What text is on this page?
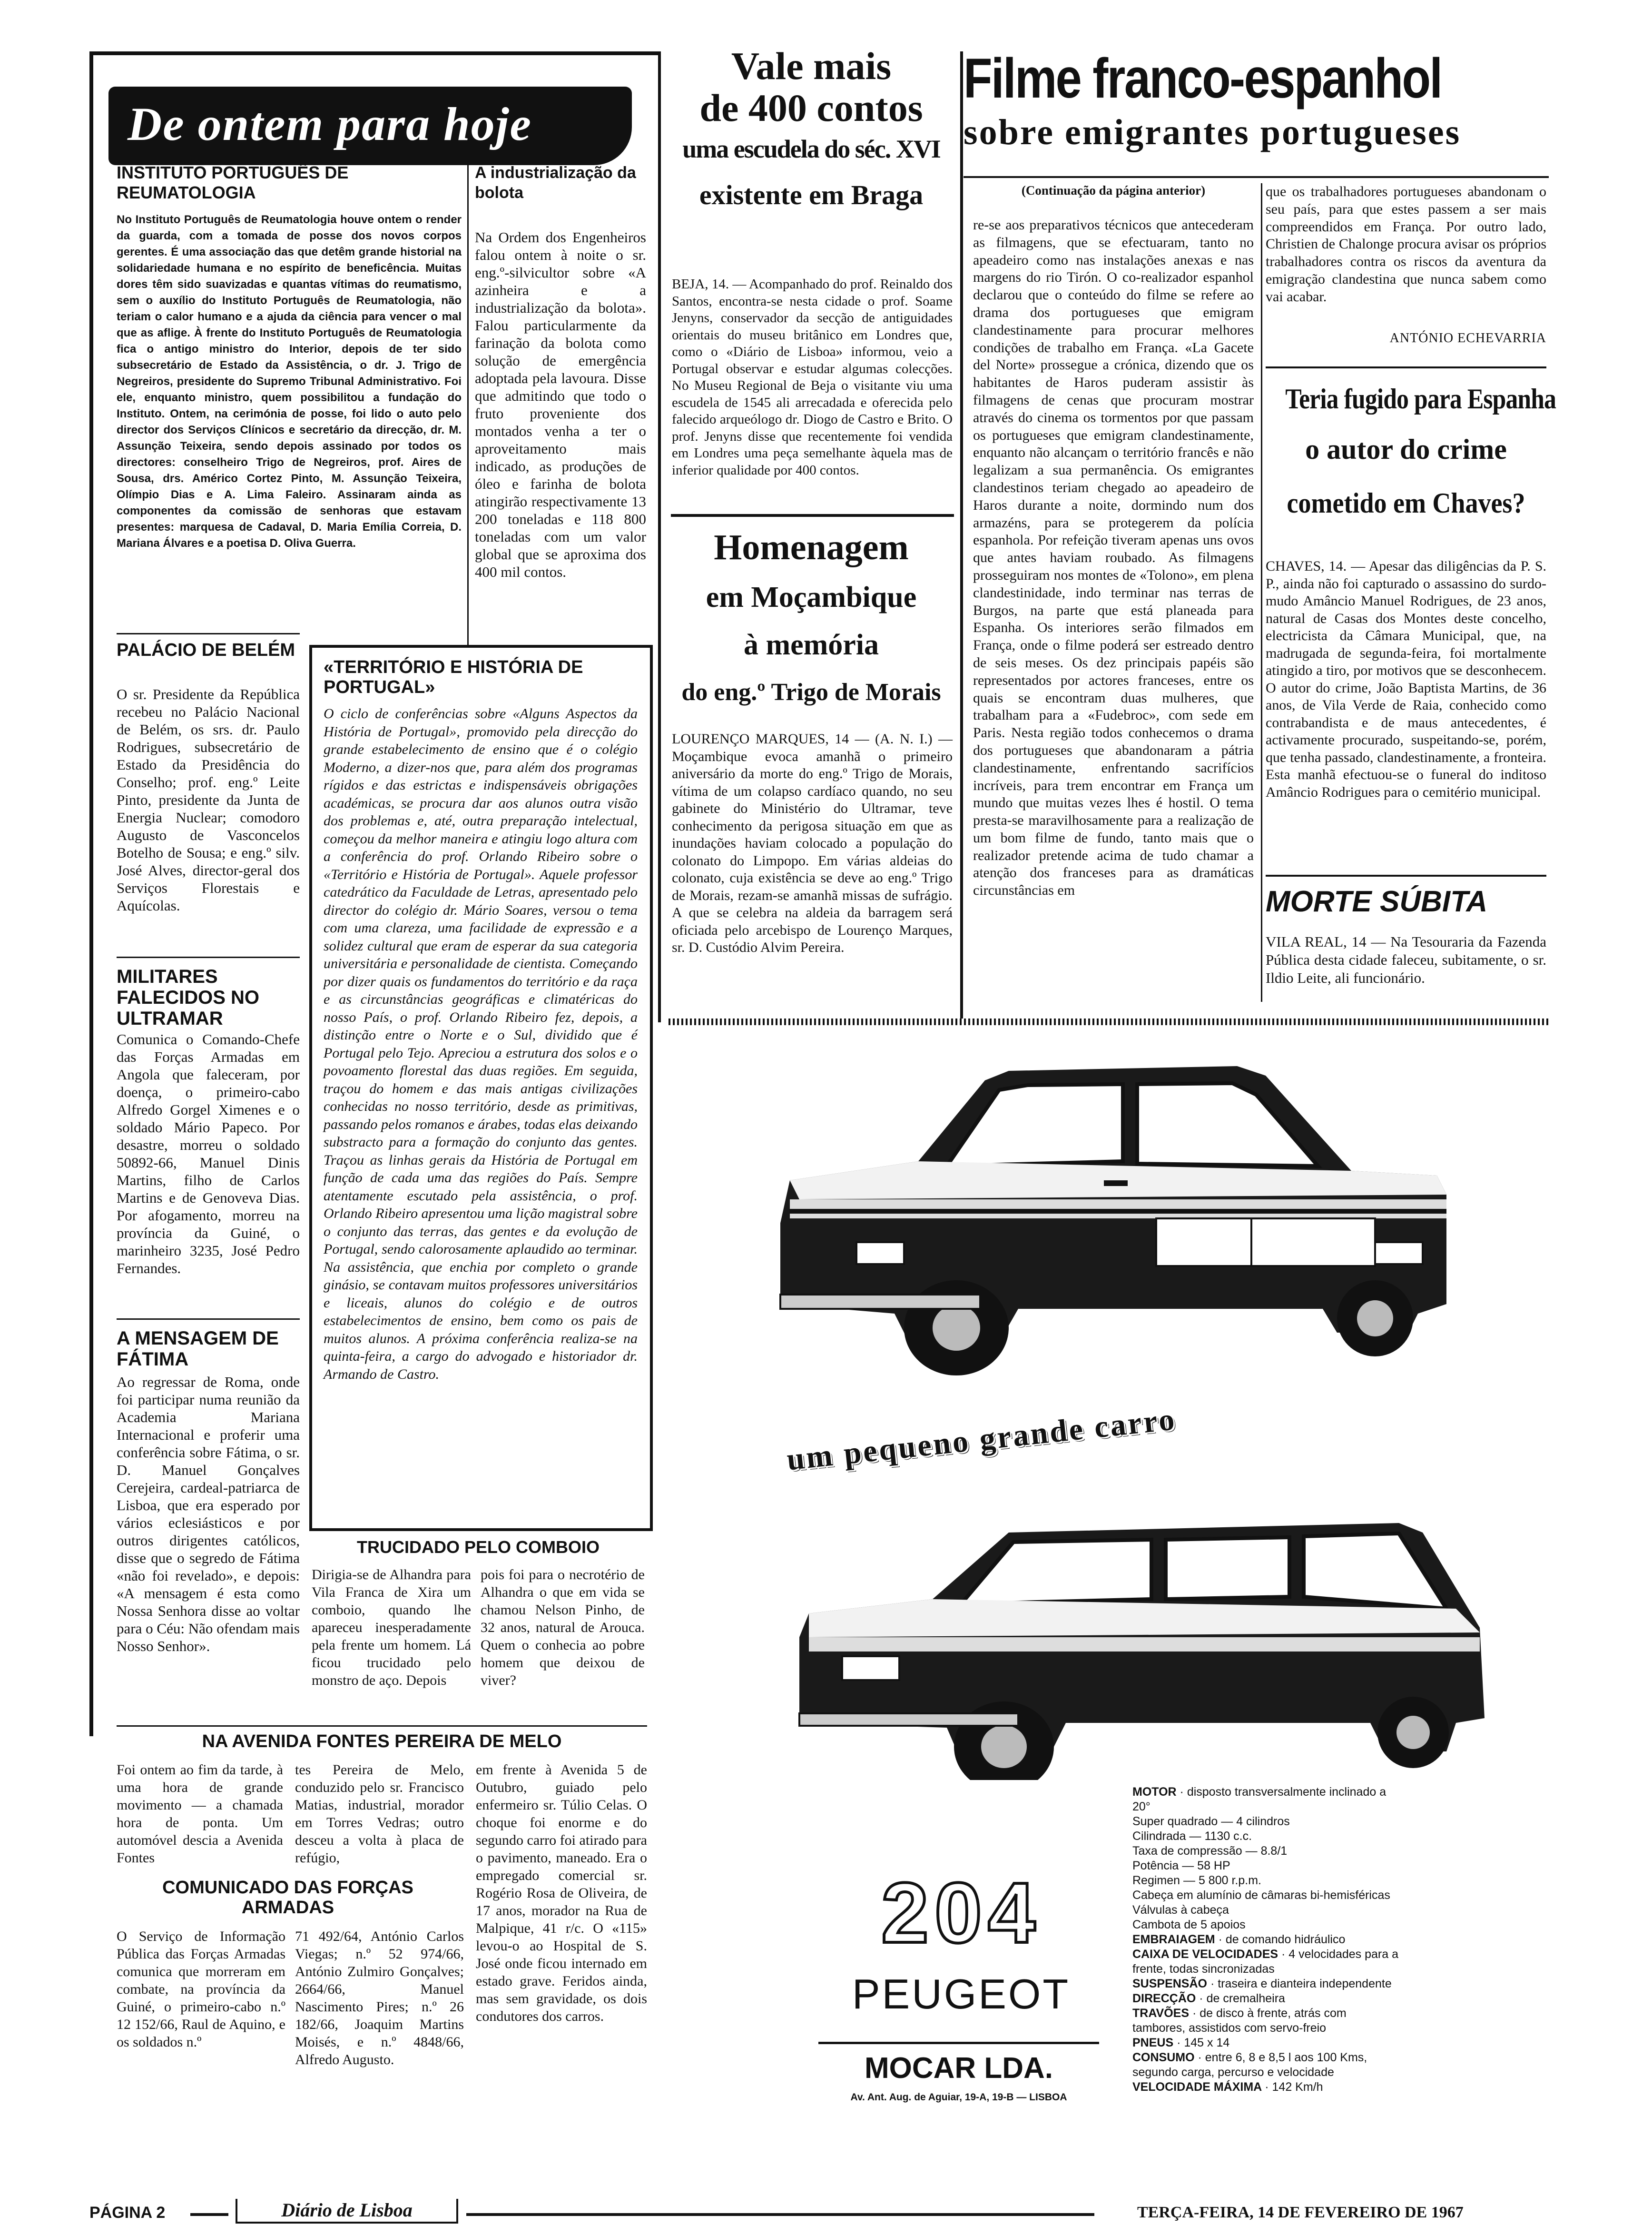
De ontem para hoje
INSTITUTO PORTUGUÊS DE REUMATOLOGIA
No Instituto Português de Reumatologia houve ontem o render da guarda, com a tomada de posse dos novos corpos gerentes. É uma associação das que detêm grande historial na solidariedade humana e no espírito de beneficência. Muitas dores têm sido suavizadas e quantas vítimas do reumatismo, sem o auxílio do Instituto Português de Reumatologia, não teriam o calor humano e a ajuda da ciência para vencer o mal que as aflige. À frente do Instituto Português de Reumatologia fica o antigo ministro do Interior, depois de ter sido subsecretário de Estado da Assistência, o dr. J. Trigo de Negreiros, presidente do Supremo Tribunal Administrativo. Foi ele, enquanto ministro, quem possibilitou a fundação do Instituto. Ontem, na cerimónia de posse, foi lido o auto pelo director dos Serviços Clínicos e secretário da direcção, dr. M. Assunção Teixeira, sendo depois assinado por todos os directores: conselheiro Trigo de Negreiros, prof. Aires de Sousa, drs. Américo Cortez Pinto, M. Assunção Teixeira, Olímpio Dias e A. Lima Faleiro. Assinaram ainda as componentes da comissão de senhoras que estavam presentes: marquesa de Cadaval, D. Maria Emília Correia, D. Mariana Álvares e a poetisa D. Oliva Guerra.
A industrialização da bolota
Na Ordem dos Engenheiros falou ontem à noite o sr. eng.º-silvicultor sobre «A azinheira e a industrialização da bolota». Falou particularmente da farinação da bolota como solução de emergência adoptada pela lavoura. Disse que admitindo que todo o fruto proveniente dos montados venha a ter o aproveitamento mais indicado, as produções de óleo e farinha de bolota atingirão respectivamente 13 200 toneladas e 118 800 toneladas com um valor global que se aproxima dos 400 mil contos.
PALÁCIO DE BELÉM
O sr. Presidente da República recebeu no Palácio Nacional de Belém, os srs. dr. Paulo Rodrigues, subsecretário de Estado da Presidência do Conselho; prof. eng.º Leite Pinto, presidente da Junta de Energia Nuclear; comodoro Augusto de Vasconcelos Botelho de Sousa; e eng.º silv. José Alves, director-geral dos Serviços Florestais e Aquícolas.
MILITARES FALECIDOS NO ULTRAMAR
Comunica o Comando-Chefe das Forças Armadas em Angola que faleceram, por doença, o primeiro-cabo Alfredo Gorgel Ximenes e o soldado Mário Papeco. Por desastre, morreu o soldado 50892-66, Manuel Dinis Martins, filho de Carlos Martins e de Genoveva Dias. Por afogamento, morreu na província da Guiné, o marinheiro 3235, José Pedro Fernandes.
A MENSAGEM DE FÁTIMA
Ao regressar de Roma, onde foi participar numa reunião da Academia Mariana Internacional e proferir uma conferência sobre Fátima, o sr. D. Manuel Gonçalves Cerejeira, cardeal-patriarca de Lisboa, que era esperado por vários eclesiásticos e por outros dirigentes católicos, disse que o segredo de Fátima «não foi revelado», e depois: «A mensagem é esta como Nossa Senhora disse ao voltar para o Céu: Não ofendam mais Nosso Senhor».
«TERRITÓRIO E HISTÓRIA DE PORTUGAL»
O ciclo de conferências sobre «Alguns Aspectos da História de Portugal», promovido pela direcção do grande estabelecimento de ensino que é o colégio Moderno, a dizer-nos que, para além dos programas rígidos e das estrictas e indispensáveis obrigações académicas, se procura dar aos alunos outra visão dos problemas e, até, outra preparação intelectual, começou da melhor maneira e atingiu logo altura com a conferência do prof. Orlando Ribeiro sobre o «Território e História de Portugal». Aquele professor catedrático da Faculdade de Letras, apresentado pelo director do colégio dr. Mário Soares, versou o tema com uma clareza, uma facilidade de expressão e a solidez cultural que eram de esperar da sua categoria universitária e personalidade de cientista. Começando por dizer quais os fundamentos do território e da raça e as circunstâncias geográficas e climatéricas do nosso País, o prof. Orlando Ribeiro fez, depois, a distinção entre o Norte e o Sul, dividido que é Portugal pelo Tejo. Apreciou a estrutura dos solos e o povoamento florestal das duas regiões. Em seguida, traçou do homem e das mais antigas civilizações conhecidas no nosso território, desde as primitivas, passando pelos romanos e árabes, todas elas deixando substracto para a formação do conjunto das gentes. Traçou as linhas gerais da História de Portugal em função de cada uma das regiões do País. Sempre atentamente escutado pela assistência, o prof. Orlando Ribeiro apresentou uma lição magistral sobre o conjunto das terras, das gentes e da evolução de Portugal, sendo calorosamente aplaudido ao terminar. Na assistência, que enchia por completo o grande ginásio, se contavam muitos professores universitários e liceais, alunos do colégio e de outros estabelecimentos de ensino, bem como os pais de muitos alunos. A próxima conferência realiza-se na quinta-feira, a cargo do advogado e historiador dr. Armando de Castro.
TRUCIDADO PELO COMBOIO
Dirigia-se de Alhandra para Vila Franca de Xira um comboio, quando lhe apareceu inesperadamente pela frente um homem. Lá ficou trucidado pelo monstro de aço. Depois
pois foi para o necrotério de Alhandra o que em vida se chamou Nelson Pinho, de 32 anos, natural de Arouca. Quem o conhecia ao pobre homem que deixou de viver?
NA AVENIDA FONTES PEREIRA DE MELO
Foi ontem ao fim da tarde, à uma hora de grande movimento — a chamada hora de ponta. Um automóvel descia a Avenida Fontes
tes Pereira de Melo, conduzido pelo sr. Francisco Matias, industrial, morador em Torres Vedras; outro desceu a volta à placa de refúgio,
em frente à Avenida 5 de Outubro, guiado pelo enfermeiro sr. Túlio Celas. O choque foi enorme e do segundo carro foi atirado para o pavimento, maneado. Era o empregado comercial sr. Rogério Rosa de Oliveira, de 17 anos, morador na Rua de Malpique, 41 r/c. O «115» levou-o ao Hospital de S. José onde ficou internado em estado grave. Feridos ainda, mas sem gravidade, os dois condutores dos carros.
COMUNICADO DAS FORÇAS ARMADAS
O Serviço de Informação Pública das Forças Armadas comunica que morreram em combate, na província da Guiné, o primeiro-cabo n.º 12 152/66, Raul de Aquino, e os soldados n.º
71 492/64, António Carlos Viegas; n.º 52 974/66, António Zulmiro Gonçalves; 2664/66, Manuel Nascimento Pires; n.º 26 182/66, Joaquim Martins Moisés, e n.º 4848/66, Alfredo Augusto.
Vale mais
de 400 contos
uma escudela do séc. XVI
existente em Braga
BEJA, 14. — Acompanhado do prof. Reinaldo dos Santos, encontra-se nesta cidade o prof. Soame Jenyns, conservador da secção de antiguidades orientais do museu britânico em Londres que, como o «Diário de Lisboa» informou, veio a Portugal observar e estudar algumas colecções. No Museu Regional de Beja o visitante viu uma escudela de 1545 ali arrecadada e oferecida pelo falecido arqueólogo dr. Diogo de Castro e Brito. O prof. Jenyns disse que recentemente foi vendida em Londres uma peça semelhante àquela mas de inferior qualidade por 400 contos.
Homenagem
em Moçambique
à memória
do eng.º Trigo de Morais
LOURENÇO MARQUES, 14 — (A. N. I.) — Moçambique evoca amanhã o primeiro aniversário da morte do eng.º Trigo de Morais, vítima de um colapso cardíaco quando, no seu gabinete do Ministério do Ultramar, teve conhecimento da perigosa situação em que as inundações haviam colocado a população do colonato do Limpopo. Em várias aldeias do colonato, cuja existência se deve ao eng.º Trigo de Morais, rezam-se amanhã missas de sufrágio. A que se celebra na aldeia da barragem será oficiada pelo arcebispo de Lourenço Marques, sr. D. Custódio Alvim Pereira.
Filme franco-espanhol
sobre emigrantes portugueses
(Continuação da página anterior)
re-se aos preparativos técnicos que antecederam as filmagens, que se efectuaram, tanto no apeadeiro como nas instalações anexas e nas margens do rio Tirón. O co-realizador espanhol declarou que o conteúdo do filme se refere ao drama dos portugueses que emigram clandestinamente para procurar melhores condições de trabalho em França. «La Gacete del Norte» prossegue a crónica, dizendo que os habitantes de Haros puderam assistir às filmagens de cenas que procuram mostrar através do cinema os tormentos por que passam os portugueses que emigram clandestinamente, enquanto não alcançam o território francês e não legalizam a sua permanência. Os emigrantes clandestinos teriam chegado ao apeadeiro de Haros durante a noite, dormindo num dos armazéns, para se protegerem da polícia espanhola. Por refeição tiveram apenas uns ovos que antes haviam roubado. As filmagens prosseguiram nos montes de «Tolono», em plena clandestinidade, indo terminar nas terras de Burgos, na parte que está planeada para Espanha. Os interiores serão filmados em França, onde o filme poderá ser estreado dentro de seis meses. Os dez principais papéis são representados por actores franceses, entre os quais se encontram duas mulheres, que trabalham para a «Fudebroc», com sede em Paris. Nesta região todos conhecemos o drama dos portugueses que abandonaram a pátria clandestinamente, enfrentando sacrifícios incríveis, para trem encontrar em França um mundo que muitas vezes lhes é hostil. O tema presta-se maravilhosamente para a realização de um bom filme de fundo, tanto mais que o realizador pretende acima de tudo chamar a atenção dos franceses para as dramáticas circunstâncias em
que os trabalhadores portugueses abandonam o seu país, para que estes passem a ser mais compreendidos em França. Por outro lado, Christien de Chalonge procura avisar os próprios trabalhadores contra os riscos da aventura da emigração clandestina que nunca sabem como vai acabar.
ANTÓNIO ECHEVARRIA
Teria fugido para Espanha
o autor do crime
cometido em Chaves?
CHAVES, 14. — Apesar das diligências da P. S. P., ainda não foi capturado o assassino do surdo-mudo Amâncio Manuel Rodrigues, de 23 anos, natural de Casas dos Montes deste concelho, electricista da Câmara Municipal, que, na madrugada de segunda-feira, foi mortalmente atingido a tiro, por motivos que se desconhecem. O autor do crime, João Baptista Martins, de 36 anos, de Vila Verde de Raia, conhecido como contrabandista e de maus antecedentes, é activamente procurado, suspeitando-se, porém, que tenha passado, clandestinamente, a fronteira. Esta manhã efectuou-se o funeral do inditoso Amâncio Rodrigues para o cemitério municipal.
MORTE SÚBITA
VILA REAL, 14 — Na Tesouraria da Fazenda Pública desta cidade faleceu, subitamente, o sr. Ildio Leite, ali funcionário.
um pequeno grande carro
204
PEUGEOT
MOCAR LDA.
Av. Ant. Aug. de Aguiar, 19-A, 19-B — LISBOA
MOTOR · disposto transversalmente inclinado a 20°
Super quadrado — 4 cilindros
Cilindrada — 1130 c.c.
Taxa de compressão — 8.8/1
Potência — 58 HP
Regimen — 5 800 r.p.m.
Cabeça em alumínio de câmaras bi-hemisféricas
Válvulas à cabeça
Cambota de 5 apoios
EMBRAIAGEM · de comando hidráulico
CAIXA DE VELOCIDADES · 4 velocidades para a frente, todas sincronizadas
SUSPENSÃO · traseira e dianteira independente
DIRECÇÃO · de cremalheira
TRAVÕES · de disco à frente, atrás com tambores, assistidos com servo-freio
PNEUS · 145 x 14
CONSUMO · entre 6, 8 e 8,5 l aos 100 Kms, segundo carga, percurso e velocidade
VELOCIDADE MÁXIMA · 142 Km/h
PÁGINA 2	Diário de Lisboa	TERÇA-FEIRA, 14 DE FEVEREIRO DE 1967
